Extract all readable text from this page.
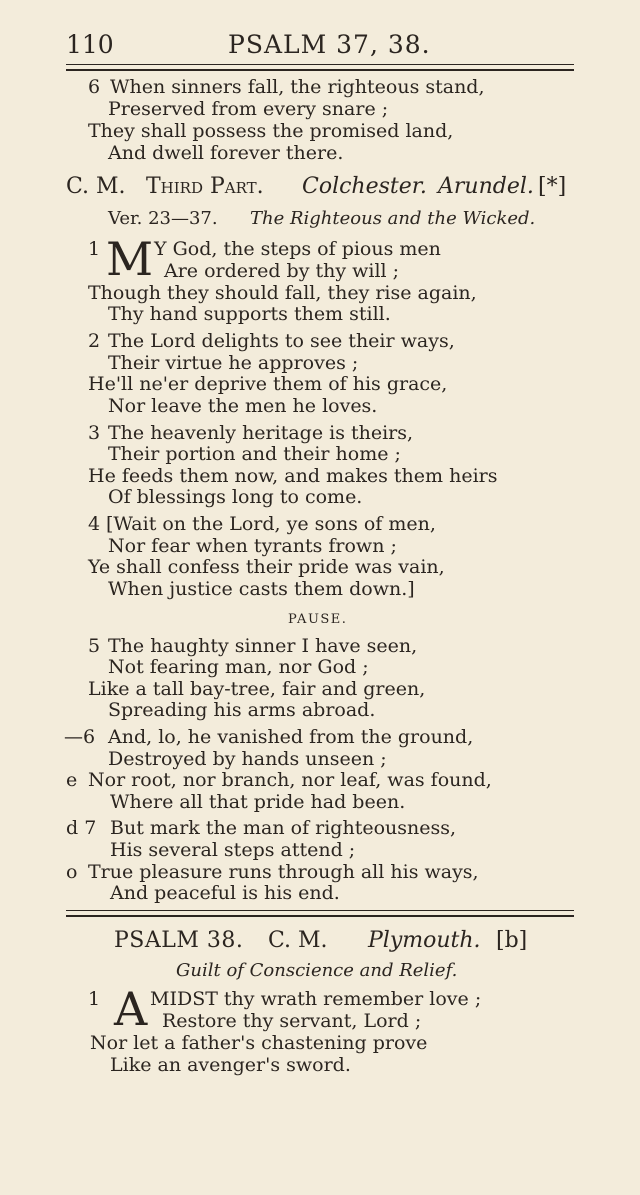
110	PSALM 37, 38.
6 When sinners fall, the righteous stand,
Preserved from every snare ;
They shall possess the promised land,
And dwell forever there.
C. M. Third Part. Colchester. Arundel. [*]
Ver. 23—37. The Righteous and the Wicked.
1 M Y God, the steps of pious men
Are ordered by thy will ;
Though they should fall, they rise again,
Thy hand supports them still.
2 The Lord delights to see their ways,
Their virtue he approves ;
He'll ne'er deprive them of his grace,
Nor leave the men he loves.
3 The heavenly heritage is theirs,
Their portion and their home ;
He feeds them now, and makes them heirs
Of blessings long to come.
4 [Wait on the Lord, ye sons of men,
Nor fear when tyrants frown ;
Ye shall confess their pride was vain,
When justice casts them down.]
PAUSE.
5 The haughty sinner I have seen,
Not fearing man, nor God ;
Like a tall bay-tree, fair and green,
Spreading his arms abroad.
—6 And, lo, he vanished from the ground,
Destroyed by hands unseen ;
e Nor root, nor branch, nor leaf, was found,
Where all that pride had been.
d 7 But mark the man of righteousness,
His several steps attend ;
o True pleasure runs through all his ways,
And peaceful is his end.
PSALM 38. C. M. Plymouth. [b]
Guilt of Conscience and Relief.
1 A MIDST thy wrath remember love ;
Restore thy servant, Lord ;
Nor let a father's chastening prove
Like an avenger's sword.
